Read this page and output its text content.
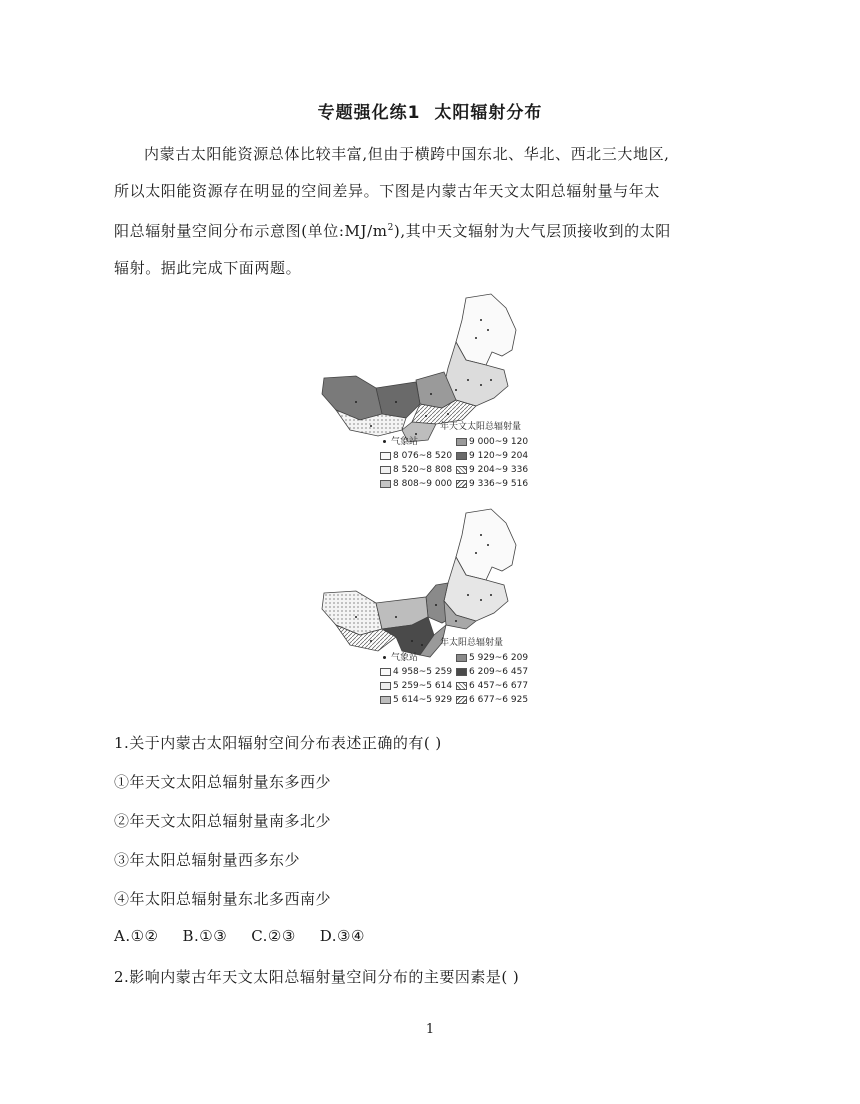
专题强化练1 太阳辐射分布
内蒙古太阳能资源总体比较丰富,但由于横跨中国东北、华北、西北三大地区,
所以太阳能资源存在明显的空间差异。下图是内蒙古年天文太阳总辐射量与年太
阳总辐射量空间分布示意图(单位$:MJ/m^2$),其中天文辐射为大气层顶接收到的太阳
辐射。据此完成下面两题。
年天文太阳总辐射量
气象站	9 000~9 120
8 076~8 520 9 120~9 204
8 520~8 808 9 204~9 336
8 808~9 000 9 336~9 516
年太阳总辐射量
气象站	5 929~6 209
4 958~5 259 6 209~6 457
5 259~5 614 6 457~6 677
5 614~5 929 6 677~6 925
1.关于内蒙古太阳辐射空间分布表述正确的有( )
①年天文太阳总辐射量东多西少
②年天文太阳总辐射量南多北少
③年太阳总辐射量西多东少
④年太阳总辐射量东北多西南少
A.①② B.①③ C.②③ D.③④
2.影响内蒙古年天文太阳总辐射量空间分布的主要因素是( )
1
